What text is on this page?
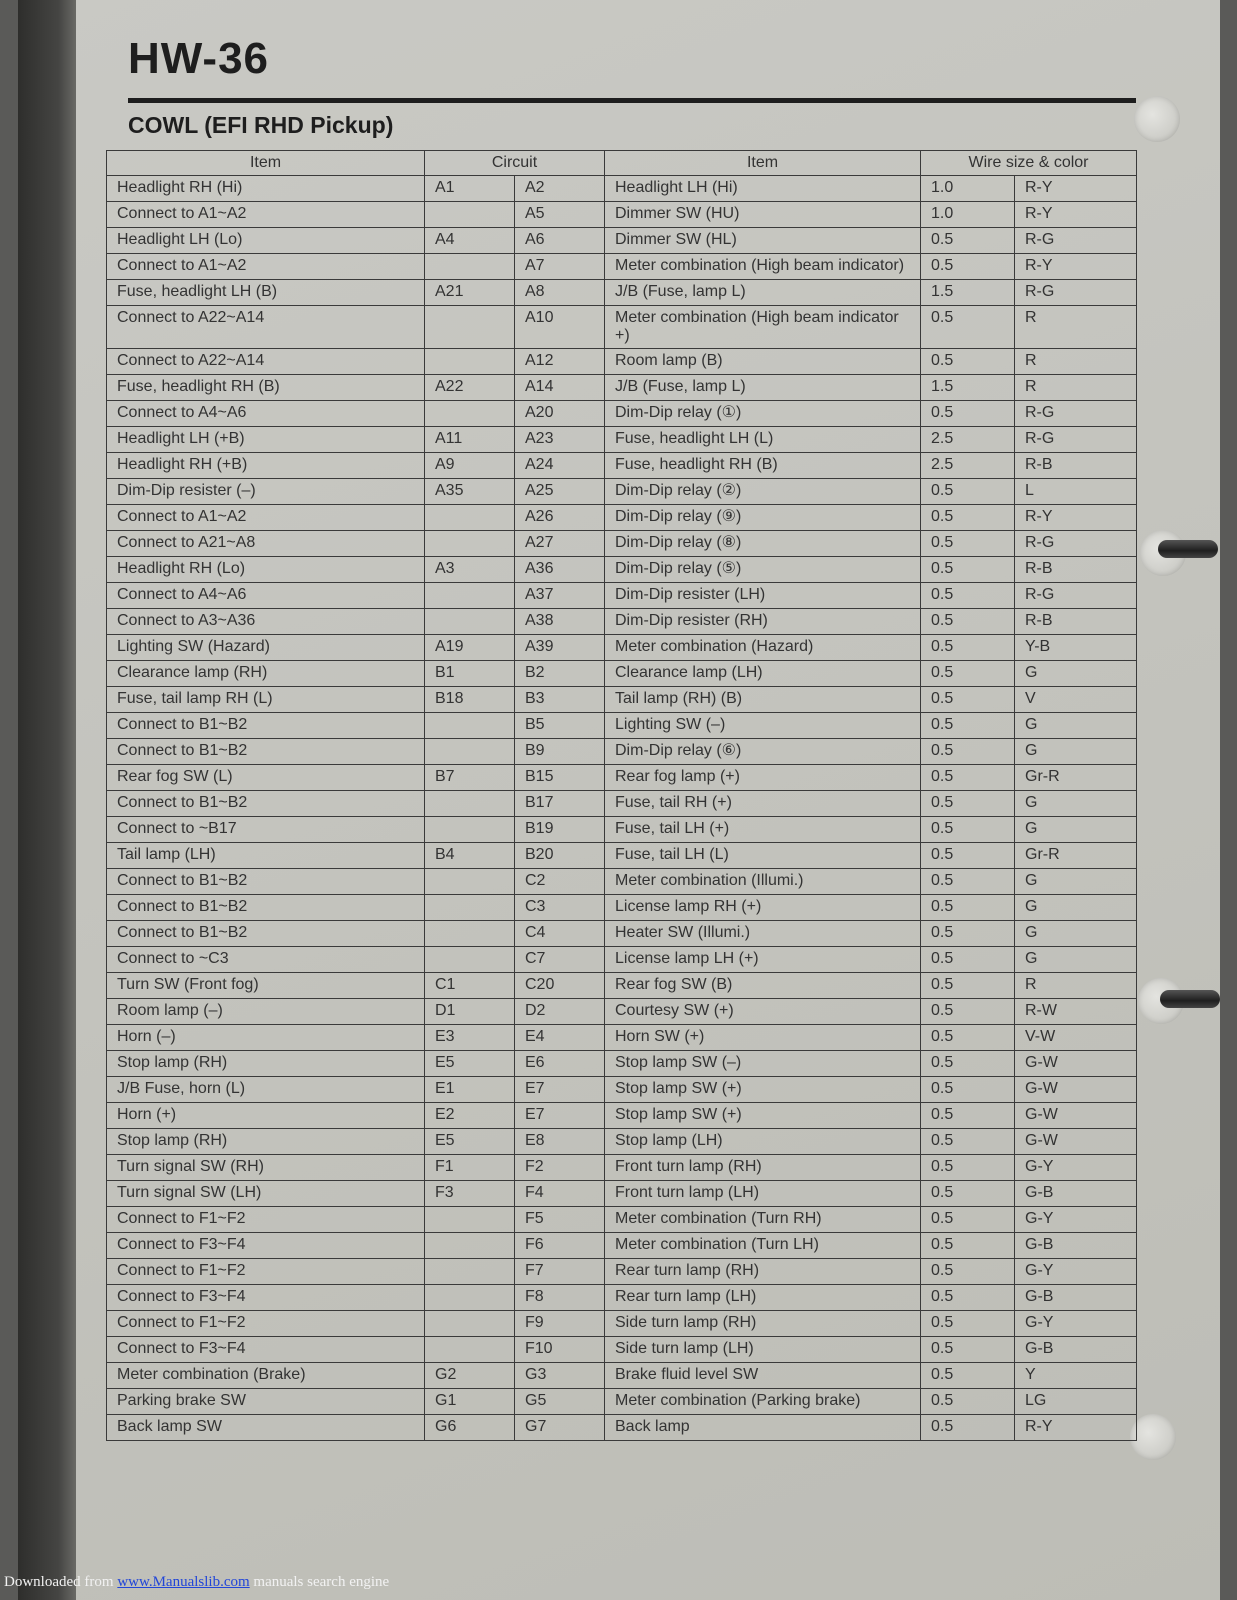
HW-36
COWL (EFI RHD Pickup)
Item	Circuit		Item	Wire size & color	
Headlight RH (Hi)	A1	A2	Headlight LH (Hi)	1.0	R-Y
Connect to A1~A2		A5	Dimmer SW (HU)	1.0	R-Y
Headlight LH (Lo)	A4	A6	Dimmer SW (HL)	0.5	R-G
Connect to A1~A2		A7	Meter combination (High beam indicator)	0.5	R-Y
Fuse, headlight LH (B)	A21	A8	J/B (Fuse, lamp L)	1.5	R-G
Connect to A22~A14		A10	Meter combination (High beam indicator +)	0.5	R
Connect to A22~A14		A12	Room lamp (B)	0.5	R
Fuse, headlight RH (B)	A22	A14	J/B (Fuse, lamp L)	1.5	R
Connect to A4~A6		A20	Dim-Dip relay (①)	0.5	R-G
Headlight LH (+B)	A11	A23	Fuse, headlight LH (L)	2.5	R-G
Headlight RH (+B)	A9	A24	Fuse, headlight RH (B)	2.5	R-B
Dim-Dip resister (–)	A35	A25	Dim-Dip relay (②)	0.5	L
Connect to A1~A2		A26	Dim-Dip relay (⑨)	0.5	R-Y
Connect to A21~A8		A27	Dim-Dip relay (⑧)	0.5	R-G
Headlight RH (Lo)	A3	A36	Dim-Dip relay (⑤)	0.5	R-B
Connect to A4~A6		A37	Dim-Dip resister (LH)	0.5	R-G
Connect to A3~A36		A38	Dim-Dip resister (RH)	0.5	R-B
Lighting SW (Hazard)	A19	A39	Meter combination (Hazard)	0.5	Y-B
Clearance lamp (RH)	B1	B2	Clearance lamp (LH)	0.5	G
Fuse, tail lamp RH (L)	B18	B3	Tail lamp (RH) (B)	0.5	V
Connect to B1~B2		B5	Lighting SW (–)	0.5	G
Connect to B1~B2		B9	Dim-Dip relay (⑥)	0.5	G
Rear fog SW (L)	B7	B15	Rear fog lamp (+)	0.5	Gr-R
Connect to B1~B2		B17	Fuse, tail RH (+)	0.5	G
Connect to ~B17		B19	Fuse, tail LH (+)	0.5	G
Tail lamp (LH)	B4	B20	Fuse, tail LH (L)	0.5	Gr-R
Connect to B1~B2		C2	Meter combination (Illumi.)	0.5	G
Connect to B1~B2		C3	License lamp RH (+)	0.5	G
Connect to B1~B2		C4	Heater SW (Illumi.)	0.5	G
Connect to ~C3		C7	License lamp LH (+)	0.5	G
Turn SW (Front fog)	C1	C20	Rear fog SW (B)	0.5	R
Room lamp (–)	D1	D2	Courtesy SW (+)	0.5	R-W
Horn (–)	E3	E4	Horn SW (+)	0.5	V-W
Stop lamp (RH)	E5	E6	Stop lamp SW (–)	0.5	G-W
J/B Fuse, horn (L)	E1	E7	Stop lamp SW (+)	0.5	G-W
Horn (+)	E2	E7	Stop lamp SW (+)	0.5	G-W
Stop lamp (RH)	E5	E8	Stop lamp (LH)	0.5	G-W
Turn signal SW (RH)	F1	F2	Front turn lamp (RH)	0.5	G-Y
Turn signal SW (LH)	F3	F4	Front turn lamp (LH)	0.5	G-B
Connect to F1~F2		F5	Meter combination (Turn RH)	0.5	G-Y
Connect to F3~F4		F6	Meter combination (Turn LH)	0.5	G-B
Connect to F1~F2		F7	Rear turn lamp (RH)	0.5	G-Y
Connect to F3~F4		F8	Rear turn lamp (LH)	0.5	G-B
Connect to F1~F2		F9	Side turn lamp (RH)	0.5	G-Y
Connect to F3~F4		F10	Side turn lamp (LH)	0.5	G-B
Meter combination (Brake)	G2	G3	Brake fluid level SW	0.5	Y
Parking brake SW	G1	G5	Meter combination (Parking brake)	0.5	LG
Back lamp SW	G6	G7	Back lamp	0.5	R-Y
Downloaded from www.Manualslib.com manuals search engine
